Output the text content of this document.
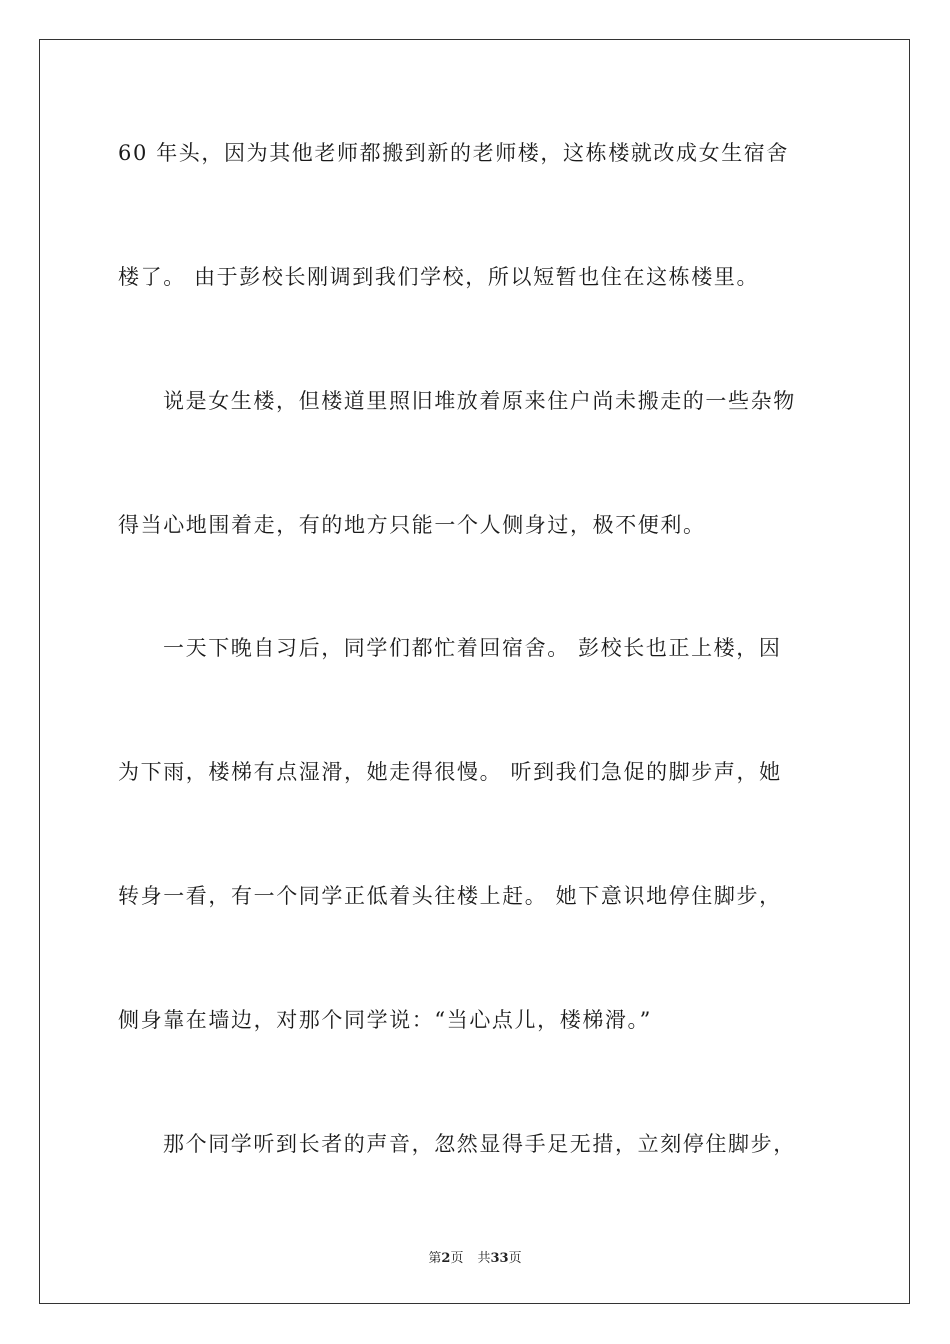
60 年头，因为其他老师都搬到新的老师楼，这栋楼就改成女生宿舍
楼了。 由于彭校长刚调到我们学校，所以短暂也住在这栋楼里。
说是女生楼，但楼道里照旧堆放着原来住户尚未搬走的一些杂物
得当心地围着走，有的地方只能一个人侧身过，极不便利。
一天下晚自习后，同学们都忙着回宿舍。 彭校长也正上楼，因
为下雨，楼梯有点湿滑，她走得很慢。 听到我们急促的脚步声，她
转身一看，有一个同学正低着头往楼上赶。 她下意识地停住脚步，
侧身靠在墙边，对那个同学说：“当心点儿，楼梯滑。”
那个同学听到长者的声音，忽然显得手足无措，立刻停住脚步，
第2页 共33页
